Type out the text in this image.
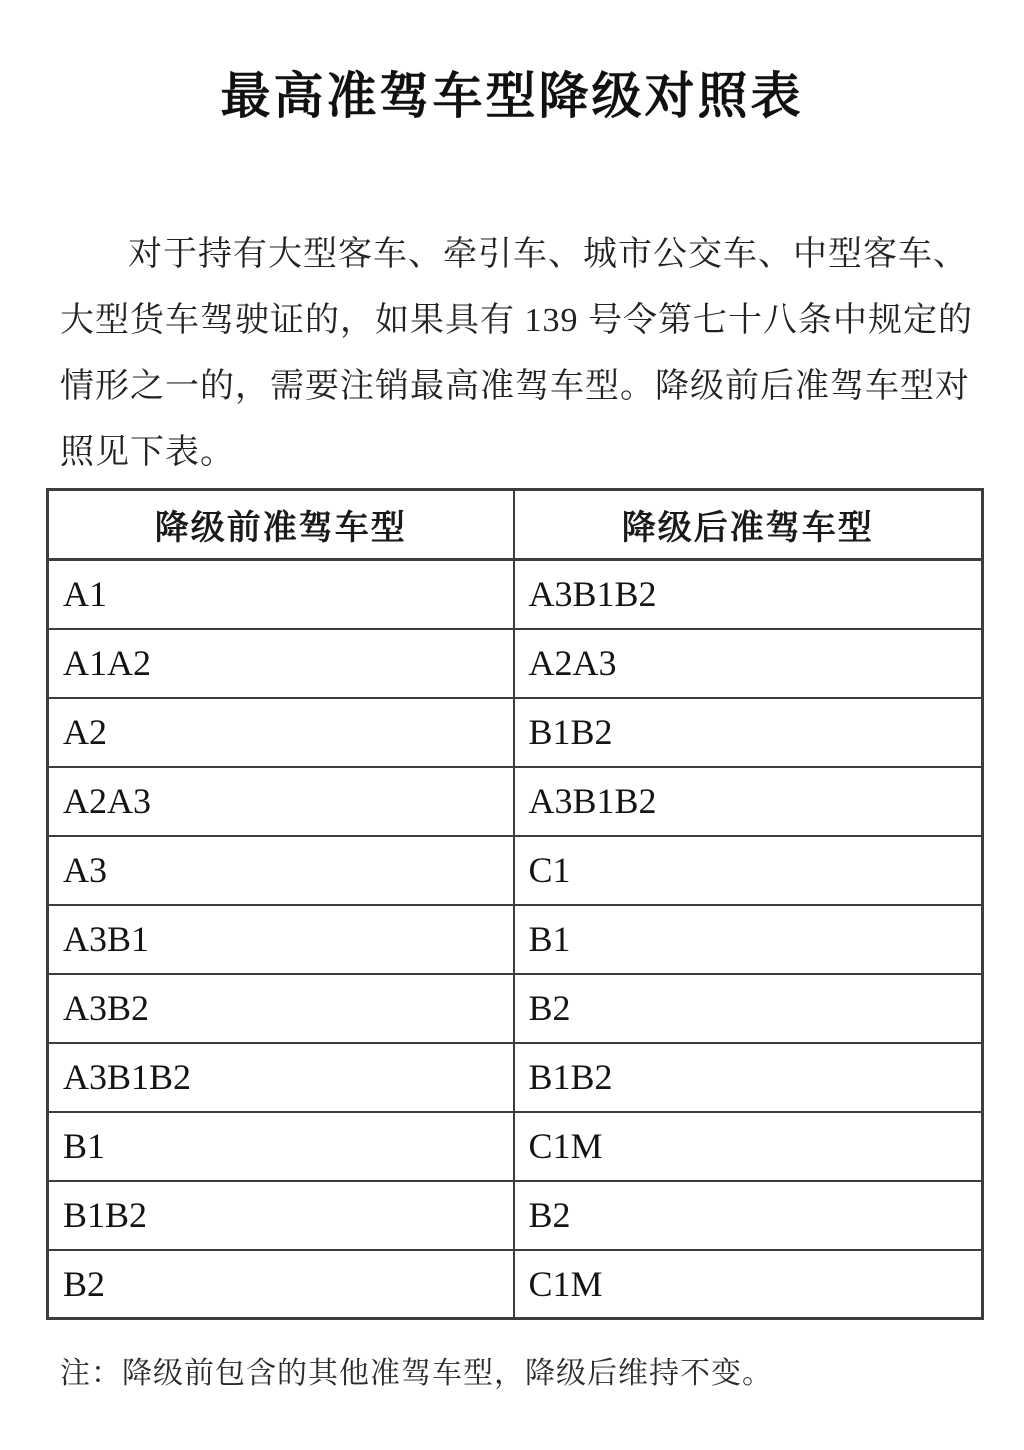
最高准驾车型降级对照表
对于持有大型客车、牵引车、城市公交车、中型客车、
大型货车驾驶证的，如果具有 139 号令第七十八条中规定的
情形之一的，需要注销最高准驾车型。降级前后准驾车型对
照见下表。
降级前准驾车型	降级后准驾车型
A1	A3B1B2
A1A2	A2A3
A2	B1B2
A2A3	A3B1B2
A3	C1
A3B1	B1
A3B2	B2
A3B1B2	B1B2
B1	C1M
B1B2	B2
B2	C1M
注：降级前包含的其他准驾车型，降级后维持不变。
